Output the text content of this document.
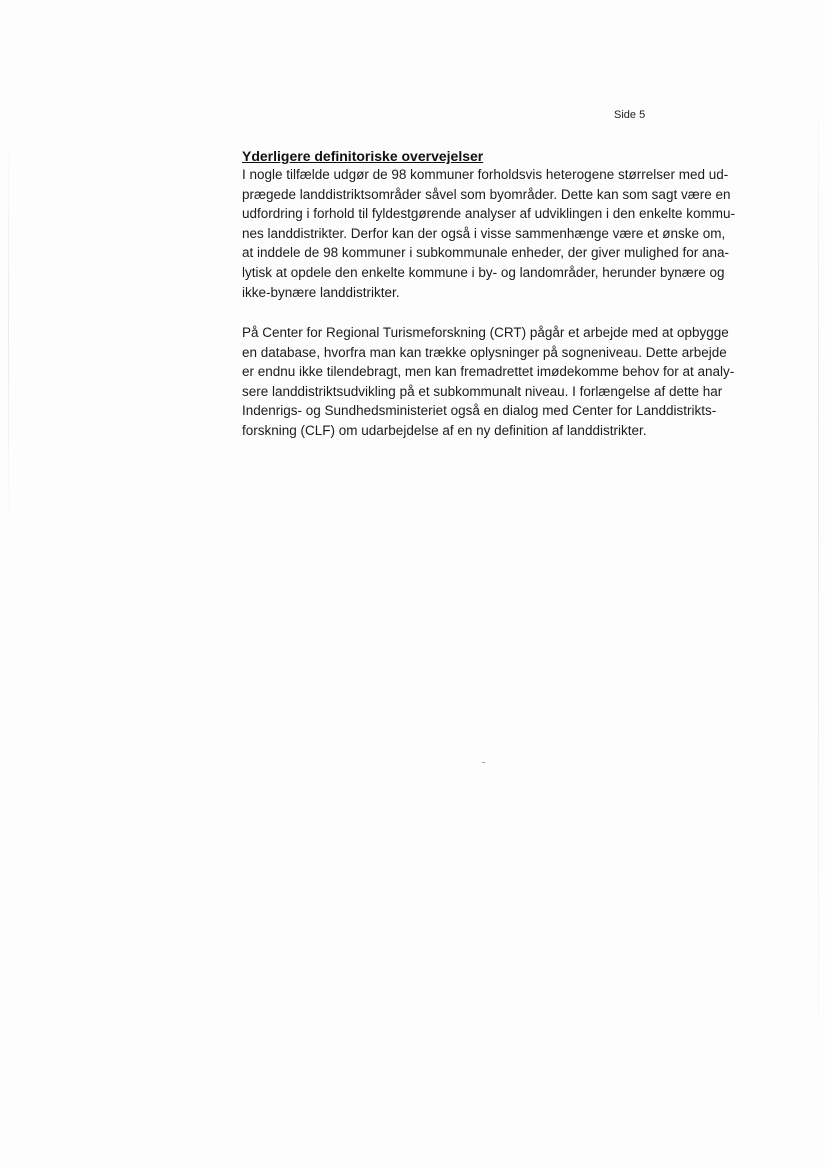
Side 5
Yderligere definitoriske overvejelser

I nogle tilfælde udgør de 98 kommuner forholdsvis heterogene størrelser med ud-
prægede landdistriktsområder såvel som byområder. Dette kan som sagt være en
udfordring i forhold til fyldestgørende analyser af udviklingen i den enkelte kommu-
nes landdistrikter. Derfor kan der også i visse sammenhænge være et ønske om,
at inddele de 98 kommuner i subkommunale enheder, der giver mulighed for ana-
lytisk at opdele den enkelte kommune i by- og landområder, herunder bynære og
ikke-bynære landdistrikter.

På Center for Regional Turismeforskning (CRT) pågår et arbejde med at opbygge
en database, hvorfra man kan trække oplysninger på sogneniveau. Dette arbejde
er endnu ikke tilendebragt, men kan fremadrettet imødekomme behov for at analy-
sere landdistriktsudvikling på et subkommunalt niveau. I forlængelse af dette har
Indenrigs- og Sundhedsministeriet også en dialog med Center for Landdistrikts-
forskning (CLF) om udarbejdelse af en ny definition af landdistrikter.
